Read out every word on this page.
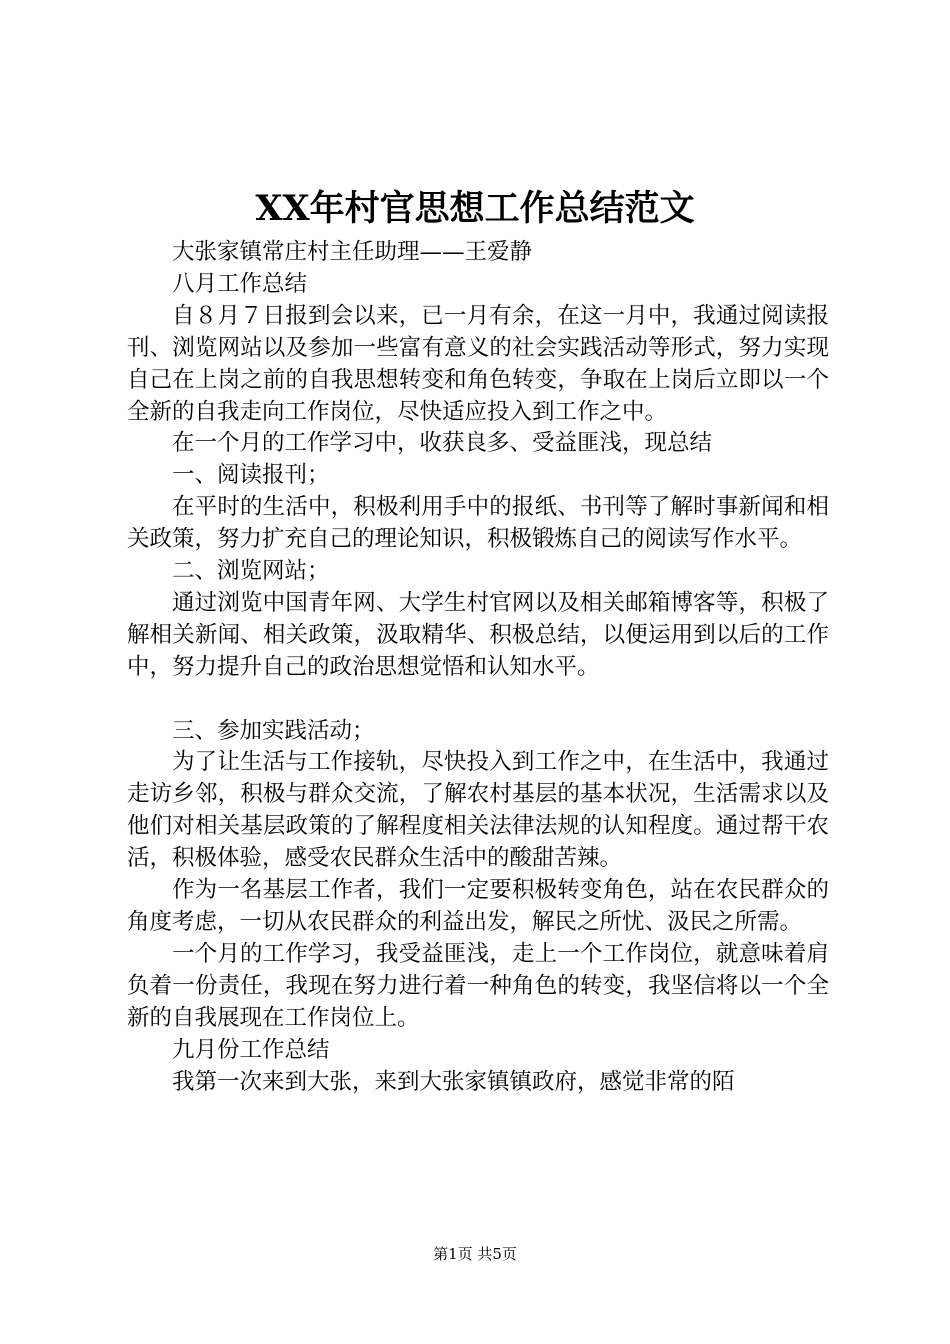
XX年村官思想工作总结范文

大张家镇常庄村主任助理——王爱静

八月工作总结

自８月７日报到会以来，已一月有余，在这一月中，我通过阅读报刊、浏览网站以及参加一些富有意义的社会实践活动等形式，努力实现自己在上岗之前的自我思想转变和角色转变，争取在上岗后立即以一个全新的自我走向工作岗位，尽快适应投入到工作之中。

在一个月的工作学习中，收获良多、受益匪浅，现总结

一、阅读报刊；

在平时的生活中，积极利用手中的报纸、书刊等了解时事新闻和相关政策，努力扩充自己的理论知识，积极锻炼自己的阅读写作水平。

二、浏览网站；

通过浏览中国青年网、大学生村官网以及相关邮箱博客等，积极了解相关新闻、相关政策，汲取精华、积极总结，以便运用到以后的工作中，努力提升自己的政治思想觉悟和认知水平。

三、参加实践活动；

为了让生活与工作接轨，尽快投入到工作之中，在生活中，我通过走访乡邻，积极与群众交流，了解农村基层的基本状况，生活需求以及他们对相关基层政策的了解程度相关法律法规的认知程度。通过帮干农活，积极体验，感受农民群众生活中的酸甜苦辣。

作为一名基层工作者，我们一定要积极转变角色，站在农民群众的角度考虑，一切从农民群众的利益出发，解民之所忧、汲民之所需。

一个月的工作学习，我受益匪浅，走上一个工作岗位，就意味着肩负着一份责任，我现在努力进行着一种角色的转变，我坚信将以一个全新的自我展现在工作岗位上。

九月份工作总结

我第一次来到大张，来到大张家镇镇政府，感觉非常的陌

第1页 共5页
